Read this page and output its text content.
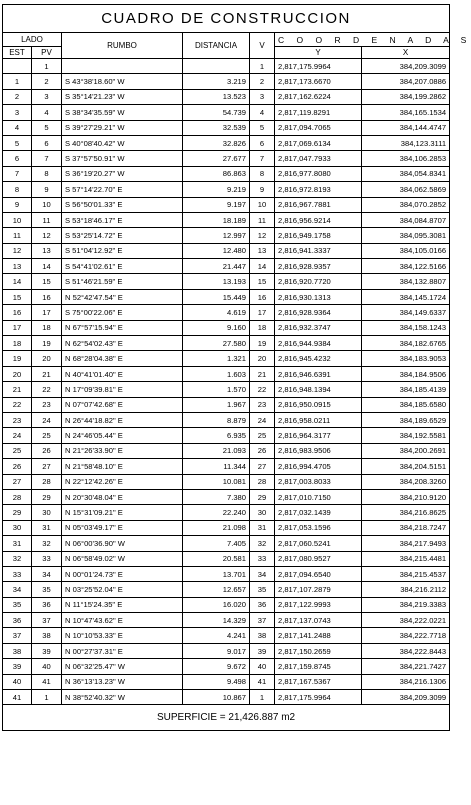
CUADRO DE CONSTRUCCION						
LADO		RUMBO	DISTANCIA	V	C O O R D E N A D A S	
EST	PV				Y	X
	1			1	2,817,175.9964	384,209.3099
1	2	S 43°38'18.60" W	3.219	2	2,817,173.6670	384,207.0886
2	3	S 35°14'21.23" W	13.523	3	2,817,162.6224	384,199.2862
3	4	S 38°34'35.59" W	54.739	4	2,817,119.8291	384,165.1534
4	5	S 39°27'29.21" W	32.539	5	2,817,094.7065	384,144.4747
5	6	S 40°08'40.42" W	32.826	6	2,817,069.6134	384,123.3111
6	7	S 37°57'50.91" W	27.677	7	2,817,047.7933	384,106.2853
7	8	S 36°19'20.27" W	86.863	8	2,816,977.8080	384,054.8341
8	9	S 57°14'22.70" E	9.219	9	2,816,972.8193	384,062.5869
9	10	S 56°50'01.33" E	9.197	10	2,816,967.7881	384,070.2852
10	11	S 53°18'46.17" E	18.189	11	2,816,956.9214	384,084.8707
11	12	S 53°25'14.72" E	12.997	12	2,816,949.1758	384,095.3081
12	13	S 51°04'12.92" E	12.480	13	2,816,941.3337	384,105.0166
13	14	S 54°41'02.61" E	21.447	14	2,816,928.9357	384,122.5166
14	15	S 51°46'21.59" E	13.193	15	2,816,920.7720	384,132.8807
15	16	N 52°42'47.54" E	15.449	16	2,816,930.1313	384,145.1724
16	17	S 75°00'22.06" E	4.619	17	2,816,928.9364	384,149.6337
17	18	N 67°57'15.94" E	9.160	18	2,816,932.3747	384,158.1243
18	19	N 62°54'02.43" E	27.580	19	2,816,944.9384	384,182.6765
19	20	N 68°28'04.38" E	1.321	20	2,816,945.4232	384,183.9053
20	21	N 40°41'01.40" E	1.603	21	2,816,946.6391	384,184.9506
21	22	N 17°09'39.81" E	1.570	22	2,816,948.1394	384,185.4139
22	23	N 07°07'42.68" E	1.967	23	2,816,950.0915	384,185.6580
23	24	N 26°44'18.82" E	8.879	24	2,816,958.0211	384,189.6529
24	25	N 24°46'05.44" E	6.935	25	2,816,964.3177	384,192.5581
25	26	N 21°26'33.90" E	21.093	26	2,816,983.9506	384,200.2691
26	27	N 21°58'48.10" E	11.344	27	2,816,994.4705	384,204.5151
27	28	N 22°12'42.26" E	10.081	28	2,817,003.8033	384,208.3260
28	29	N 20°30'48.04" E	7.380	29	2,817,010.7150	384,210.9120
29	30	N 15°31'09.21" E	22.240	30	2,817,032.1439	384,216.8625
30	31	N 05°03'49.17" E	21.098	31	2,817,053.1596	384,218.7247
31	32	N 06°00'36.90" W	7.405	32	2,817,060.5241	384,217.9493
32	33	N 06°58'49.02" W	20.581	33	2,817,080.9527	384,215.4481
33	34	N 00°01'24.73" E	13.701	34	2,817,094.6540	384,215.4537
34	35	N 03°25'52.04" E	12.657	35	2,817,107.2879	384,216.2112
35	36	N 11°15'24.35" E	16.020	36	2,817,122.9993	384,219.3383
36	37	N 10°47'43.62" E	14.329	37	2,817,137.0743	384,222.0221
37	38	N 10°10'53.33" E	4.241	38	2,817,141.2488	384,222.7718
38	39	N 00°27'37.31" E	9.017	39	2,817,150.2659	384,222.8443
39	40	N 06°32'25.47" W	9.672	40	2,817,159.8745	384,221.7427
40	41	N 36°13'13.23" W	9.498	41	2,817,167.5367	384,216.1306
41	1	N 38°52'40.32" W	10.867	1	2,817,175.9964	384,209.3099
SUPERFICIE = 21,426.887 m2						
